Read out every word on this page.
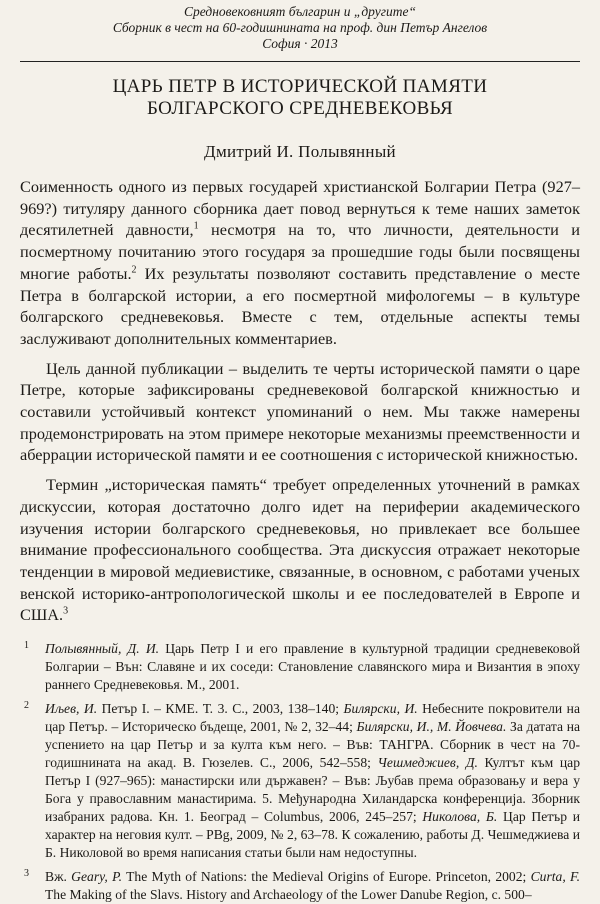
Средновековният българин и „другите“
Сборник в чест на 60-годишнината на проф. дин Петър Ангелов
София · 2013
ЦАРЬ ПЕТР В ИСТОРИЧЕСКОЙ ПАМЯТИ
БОЛГАРСКОГО СРЕДНЕВЕКОВЬЯ
Дмитрий И. Полывянный

Соименность одного из первых государей христианской Болгарии Петра (927–969?) титуляру данного сборника дает повод вернуться к теме наших заметок десятилетней давности,$^1$ несмотря на то, что личности, деятельности и посмертному почитанию этого государя за прошедшие годы были посвящены многие работы.$^2$ Их результаты позволяют составить представление о месте Петра в болгарской истории, а его посмертной мифологемы – в культуре болгарского средневековья. Вместе с тем, отдельные аспекты темы заслуживают дополнительных комментариев.

Цель данной публикации – выделить те черты исторической памяти о царе Петре, которые зафиксированы средневековой болгарской книжностью и составили устойчивый контекст упоминаний о нем. Мы также намерены продемонстрировать на этом примере некоторые механизмы преемственности и аберрации исторической памяти и ее соотношения с исторической книжностью.

Термин „историческая память“ требует определенных уточнений в рамках дискуссии, которая достаточно долго идет на периферии академического изучения истории болгарского средневековья, но привлекает все большее внимание профессионального сообщества. Эта дискуссия отражает некоторые тенденции в мировой медиевистике, связанные, в основном, с работами ученых венской историко-антропологической школы и ее последователей в Европе и США.$^3$

1 Полывянный, Д. И. Царь Петр I и его правление в культурной традиции средневековой Болгарии – Вън: Славяне и их соседи: Становление славянского мира и Византия в эпоху раннего Средневековья. М., 2001.

2 Иљев, И. Петър I. – КМЕ. Т. 3. С., 2003, 138–140; Билярски, И. Небесните покровители на цар Петър. – Историческо бъдеще, 2001, № 2, 32–44; Билярски, И., М. Йовчева. За датата на успението на цар Петър и за култа към него. – Във: ТАНГРА. Сборник в чест на 70-годишнината на акад. В. Гюзелев. С., 2006, 542–558; Чешмеджиев, Д. Култът към цар Петър I (927–965): манастирски или държавен? – Във: Љубав према образовању и вера у Бога у православним манастирима. 5. Међународна Хиландарска конференција. Зборник изабраних радова. Кн. 1. Београд – Columbus, 2006, 245–257; Николова, Б. Цар Петър и характер на неговия култ. – PBg, 2009, № 2, 63–78. К сожалению, работы Д. Чешмеджиева и Б. Николовой во время написания статьи были нам недоступны.

3 Вж. Geary, P. The Myth of Nations: the Medieval Origins of Europe. Princeton, 2002; Curta, F. The Making of the Slavs. History and Archaeology of the Lower Danube Region, c. 500–
